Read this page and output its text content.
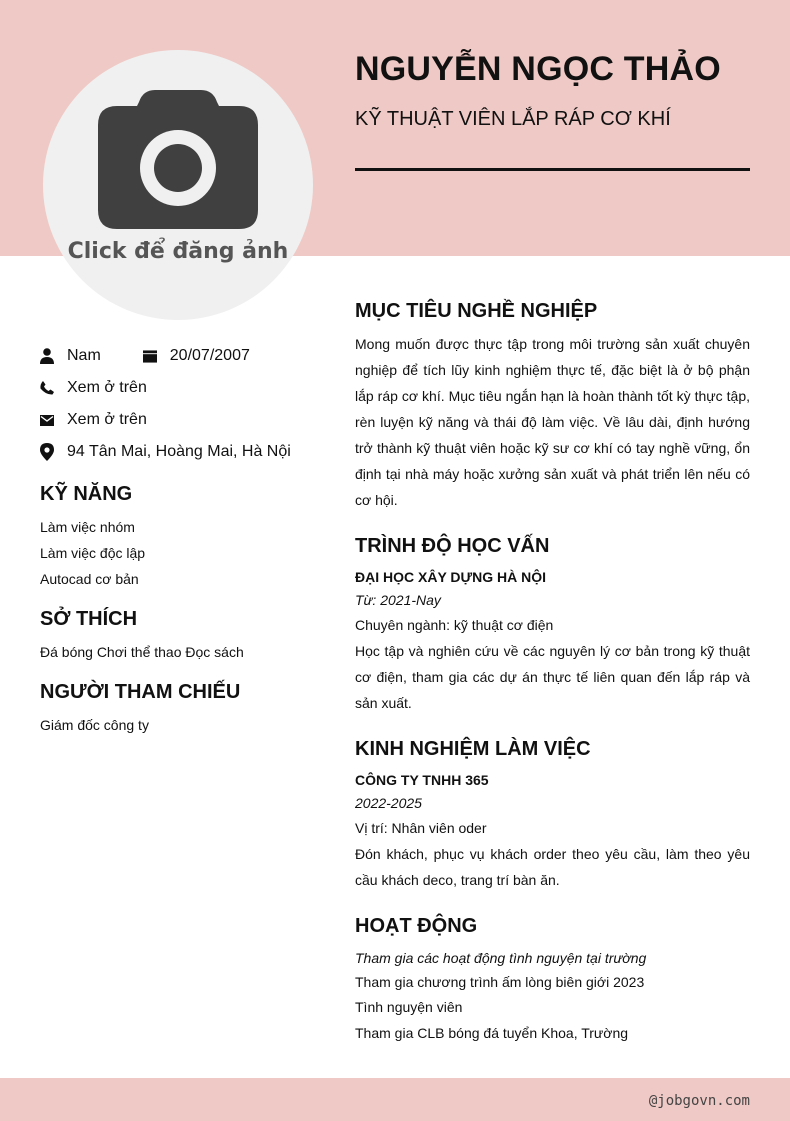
Click để đăng ảnh
NGUYỄN NGỌC THẢO
KỸ THUẬT VIÊN LẮP RÁP CƠ KHÍ
Nam	20/07/2007
Xem ở trên
Xem ở trên
94 Tân Mai, Hoàng Mai, Hà Nội
KỸ NĂNG
Làm việc nhóm
Làm việc độc lập
Autocad cơ bản
SỞ THÍCH
Đá bóng Chơi thể thao Đọc sách
NGƯỜI THAM CHIẾU
Giám đốc công ty
MỤC TIÊU NGHỀ NGHIỆP
Mong muốn được thực tập trong môi trường sản xuất chuyên nghiệp để tích lũy kinh nghiệm thực tế, đặc biệt là ở bộ phận lắp ráp cơ khí. Mục tiêu ngắn hạn là hoàn thành tốt kỳ thực tập, rèn luyện kỹ năng và thái độ làm việc. Về lâu dài, định hướng trở thành kỹ thuật viên hoặc kỹ sư cơ khí có tay nghề vững, ổn định tại nhà máy hoặc xưởng sản xuất và phát triển lên nếu có cơ hội.
TRÌNH ĐỘ HỌC VẤN
ĐẠI HỌC XÂY DỰNG HÀ NỘI
Từ: 2021-Nay
Chuyên ngành: kỹ thuật cơ điện
Học tập và nghiên cứu về các nguyên lý cơ bản trong kỹ thuật cơ điện, tham gia các dự án thực tế liên quan đến lắp ráp và sản xuất.
KINH NGHIỆM LÀM VIỆC
CÔNG TY TNHH 365
2022-2025
Vị trí: Nhân viên oder
Đón khách, phục vụ khách order theo yêu cầu, làm theo yêu cầu khách deco, trang trí bàn ăn.
HOẠT ĐỘNG
Tham gia các hoạt động tình nguyện tại trường
Tham gia chương trình ấm lòng biên giới 2023
Tình nguyện viên
Tham gia CLB bóng đá tuyển Khoa, Trường
@jobgovn.com
